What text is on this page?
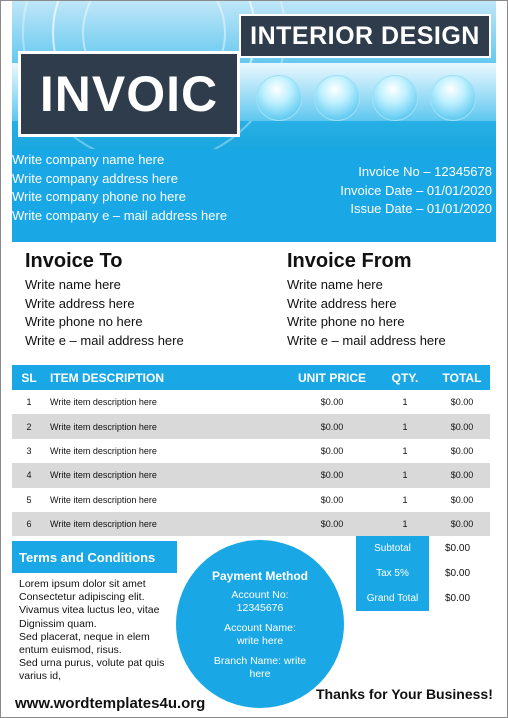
INTERIOR DESIGN
INVOIC
Write company name here
Write company address here
Write company phone no here
Write company e – mail address here
Invoice No – 12345678
Invoice Date – 01/01/2020
Issue Date – 01/01/2020
Invoice To
Write name here
Write address here
Write phone no here
Write e – mail address here
Invoice From
Write name here
Write address here
Write phone no here
Write e – mail address here
SL	ITEM DESCRIPTION	UNIT PRICE	QTY.	TOTAL
1	Write item description here	$0.00	1	$0.00
2	Write item description here	$0.00	1	$0.00
3	Write item description here	$0.00	1	$0.00
4	Write item description here	$0.00	1	$0.00
5	Write item description here	$0.00	1	$0.00
6	Write item description here	$0.00	1	$0.00
Terms and Conditions
Lorem ipsum dolor sit amet
Consectetur adipiscing elit.
Vivamus vitea luctus leo, vitae
Dignissim quam.
Sed placerat, neque in elem
entum euismod, risus.
Sed urna purus, volute pat quis
varius id,
Payment Method
Account No:
12345676
Account Name:
write here
Branch Name: write
here
Subtotal	$0.00
Tax 5%	$0.00
Grand Total	$0.00
Thanks for Your Business!
www.wordtemplates4u.org
